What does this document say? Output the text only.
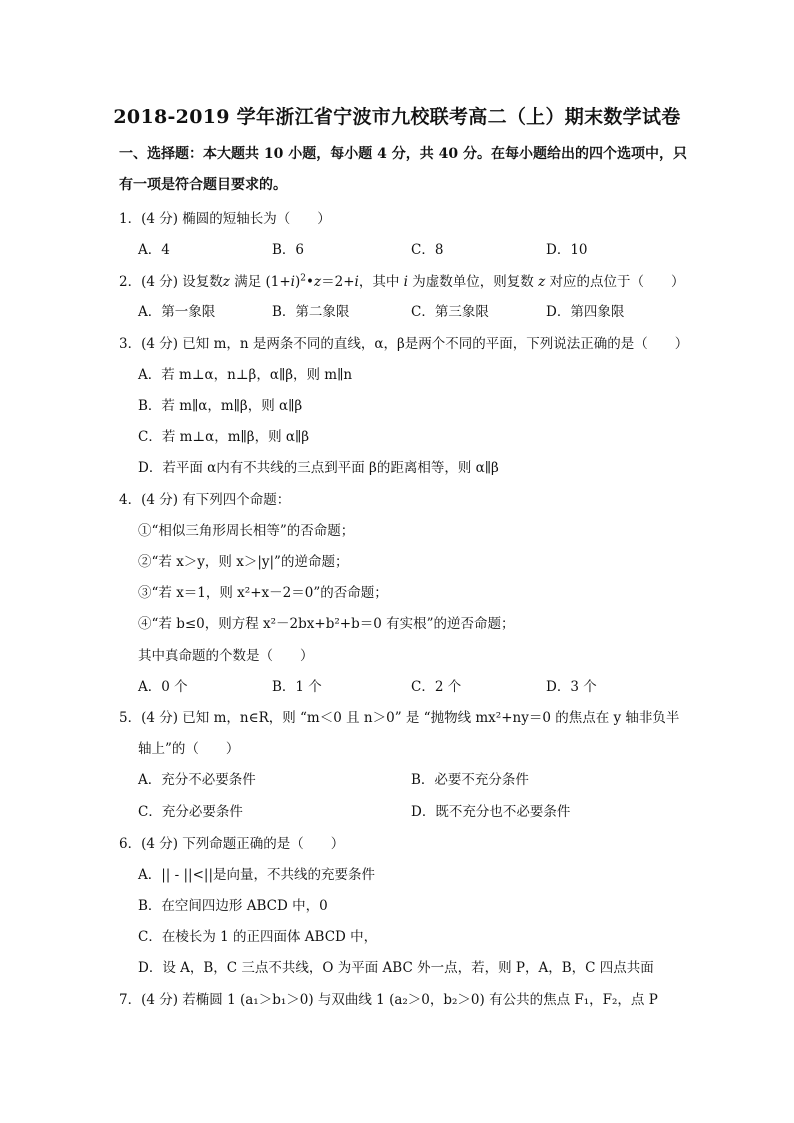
2018-2019 学年浙江省宁波市九校联考高二（上）期末数学试卷
一、选择题：本大题共 10 小题，每小题 4 分，共 40 分。在每小题给出的四个选项中，只
有一项是符合题目要求的。
1．(4 分) 椭圆的短轴长为（　　）
A．4	B．6	C．8	D．10
2．(4 分) 设复数z 满足 $(1+i)^2•z=2+i$，其中 i 为虚数单位，则复数 z 对应的点位于（　　）
A．第一象限	B．第二象限	C．第三象限	D．第四象限
3．(4 分) 已知 m，n 是两条不同的直线，α，β是两个不同的平面，下列说法正确的是（　　）
A．若 m⊥α，n⊥β，α∥β，则 m∥n
B．若 m∥α，m∥β，则 α∥β
C．若 m⊥α，m∥β，则 α∥β
D．若平面 α内有不共线的三点到平面 β的距离相等，则 α∥β
4．(4 分) 有下列四个命题：
①“相似三角形周长相等”的否命题；
②“若 x＞y，则 x＞|y|”的逆命题；
③“若 x＝1，则 x²+x－2＝0”的否命题；
④“若 b≤0，则方程 x²－2bx+b²+b＝0 有实根”的逆否命题；
其中真命题的个数是（　　）
A．0 个	B．1 个	C．2 个	D．3 个
5．(4 分) 已知 m，n∈R，则 “m＜0 且 n＞0” 是 “抛物线 mx²+ny＝0 的焦点在 y 轴非负半
轴上”的（　　）
A．充分不必要条件	B．必要不充分条件
C．充分必要条件	D．既不充分也不必要条件
6．(4 分) 下列命题正确的是（　　）
A．|| - ||<||是向量，不共线的充要条件
B．在空间四边形 ABCD 中，0
C．在棱长为 1 的正四面体 ABCD 中，
D．设 A，B，C 三点不共线，O 为平面 ABC 外一点，若，则 P，A，B，C 四点共面
7．(4 分) 若椭圆 1 (a₁＞b₁＞0) 与双曲线 1 (a₂＞0，b₂＞0) 有公共的焦点 F₁，F₂，点 P
